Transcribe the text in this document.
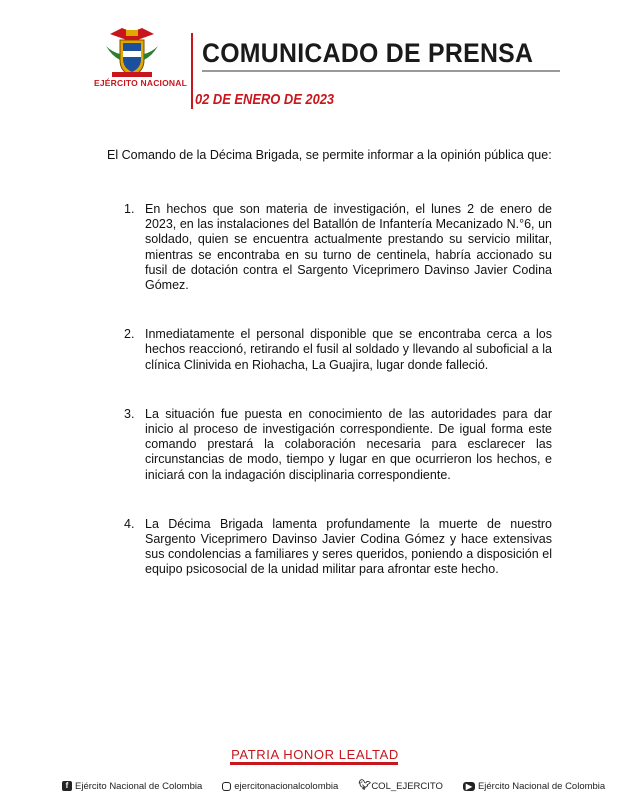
EJÉRCITO NACIONAL
COMUNICADO DE PRENSA
02 DE ENERO DE 2023
El Comando de la Décima Brigada, se permite informar a la opinión pública que:
1. En hechos que son materia de investigación, el lunes 2 de enero de 2023, en las instalaciones del Batallón de Infantería Mecanizado N.°6, un soldado, quien se encuentra actualmente prestando su servicio militar, mientras se encontraba en su turno de centinela, habría accionado su fusil de dotación contra el Sargento Viceprimero Davinso Javier Codina Gómez.
2. Inmediatamente el personal disponible que se encontraba cerca a los hechos reaccionó, retirando el fusil al soldado y llevando al suboficial a la clínica Clinivida en Riohacha, La Guajira, lugar donde falleció.
3. La situación fue puesta en conocimiento de las autoridades para dar inicio al proceso de investigación correspondiente. De igual forma este comando prestará la colaboración necesaria para esclarecer las circunstancias de modo, tiempo y lugar en que ocurrieron los hechos, e iniciará con la indagación disciplinaria correspondiente.
4. La Décima Brigada lamenta profundamente la muerte de nuestro Sargento Viceprimero Davinso Javier Codina Gómez y hace extensivas sus condolencias a familiares y seres queridos, poniendo a disposición el equipo psicosocial de la unidad militar para afrontar este hecho.
PATRIA HONOR LEALTAD
f Ejército Nacional de Colombia	ejercitonacionalcolombia 🐦︎ COL_EJERCITO	▶ Ejército Nacional de Colombia
